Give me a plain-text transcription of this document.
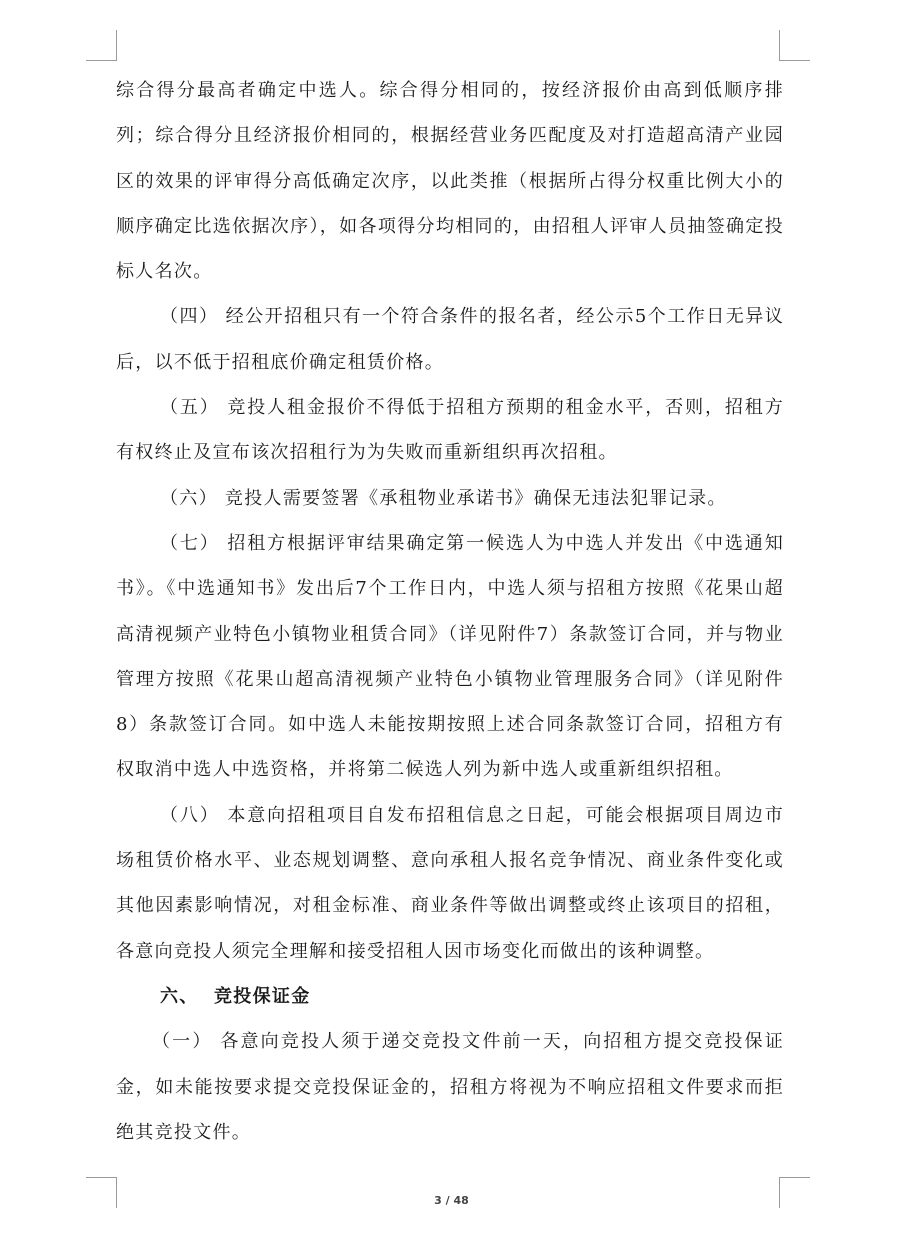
综合得分最高者确定中选人。综合得分相同的，按经济报价由高到低顺序排列；综合得分且经济报价相同的，根据经营业务匹配度及对打造超高清产业园区的效果的评审得分高低确定次序，以此类推（根据所占得分权重比例大小的顺序确定比选依据次序），如各项得分均相同的，由招租人评审人员抽签确定投标人名次。

（四） 经公开招租只有一个符合条件的报名者，经公示5个工作日无异议后，以不低于招租底价确定租赁价格。

（五） 竞投人租金报价不得低于招租方预期的租金水平，否则，招租方有权终止及宣布该次招租行为为失败而重新组织再次招租。

（六） 竞投人需要签署《承租物业承诺书》确保无违法犯罪记录。

（七） 招租方根据评审结果确定第一候选人为中选人并发出《中选通知书》。《中选通知书》发出后7个工作日内，中选人须与招租方按照《花果山超高清视频产业特色小镇物业租赁合同》（详见附件7）条款签订合同，并与物业管理方按照《花果山超高清视频产业特色小镇物业管理服务合同》（详见附件8）条款签订合同。如中选人未能按期按照上述合同条款签订合同，招租方有权取消中选人中选资格，并将第二候选人列为新中选人或重新组织招租。

（八） 本意向招租项目自发布招租信息之日起，可能会根据项目周边市场租赁价格水平、业态规划调整、意向承租人报名竞争情况、商业条件变化或其他因素影响情况，对租金标准、商业条件等做出调整或终止该项目的招租，各意向竞投人须完全理解和接受招租人因市场变化而做出的该种调整。

六、 竞投保证金

（一） 各意向竞投人须于递交竞投文件前一天，向招租方提交竞投保证金，如未能按要求提交竞投保证金的，招租方将视为不响应招租文件要求而拒绝其竞投文件。

3 / 48
